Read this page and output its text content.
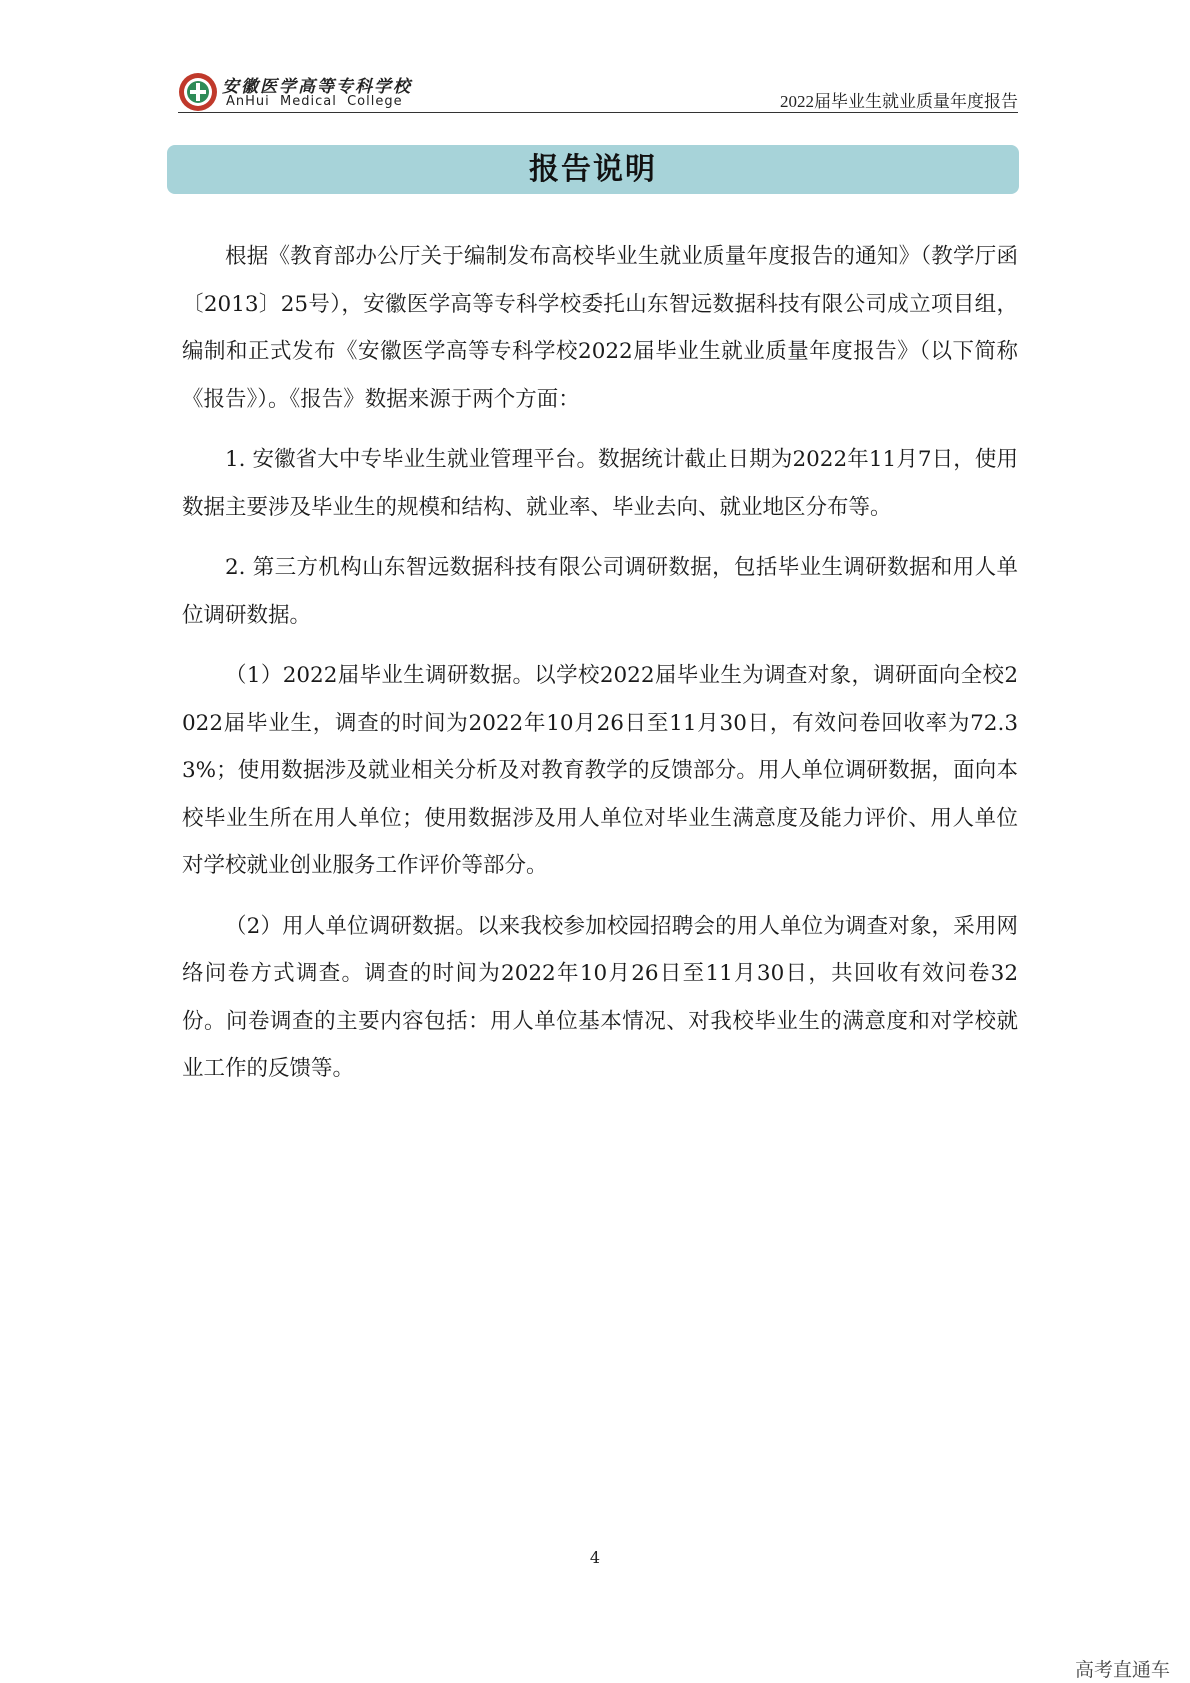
安徽医学高等专科学校
AnHui  Medical  College	2022届毕业生就业质量年度报告
报告说明

根据《教育部办公厅关于编制发布高校毕业生就业质量年度报告的通知》（教学厅函〔2013〕25号），安徽医学高等专科学校委托山东智远数据科技有限公司成立项目组，编制和正式发布《安徽医学高等专科学校2022届毕业生就业质量年度报告》（以下简称《报告》）。《报告》数据来源于两个方面：

1. 安徽省大中专毕业生就业管理平台。数据统计截止日期为2022年11月7日，使用数据主要涉及毕业生的规模和结构、就业率、毕业去向、就业地区分布等。

2. 第三方机构山东智远数据科技有限公司调研数据，包括毕业生调研数据和用人单位调研数据。

（1）2022届毕业生调研数据。以学校2022届毕业生为调查对象，调研面向全校2022届毕业生，调查的时间为2022年10月26日至11月30日，有效问卷回收率为72.33%；使用数据涉及就业相关分析及对教育教学的反馈部分。用人单位调研数据，面向本校毕业生所在用人单位；使用数据涉及用人单位对毕业生满意度及能力评价、用人单位对学校就业创业服务工作评价等部分。

（2）用人单位调研数据。以来我校参加校园招聘会的用人单位为调查对象，采用网络问卷方式调查。调查的时间为2022年10月26日至11月30日，共回收有效问卷32份。问卷调查的主要内容包括：用人单位基本情况、对我校毕业生的满意度和对学校就业工作的反馈等。

4
高考直通车
